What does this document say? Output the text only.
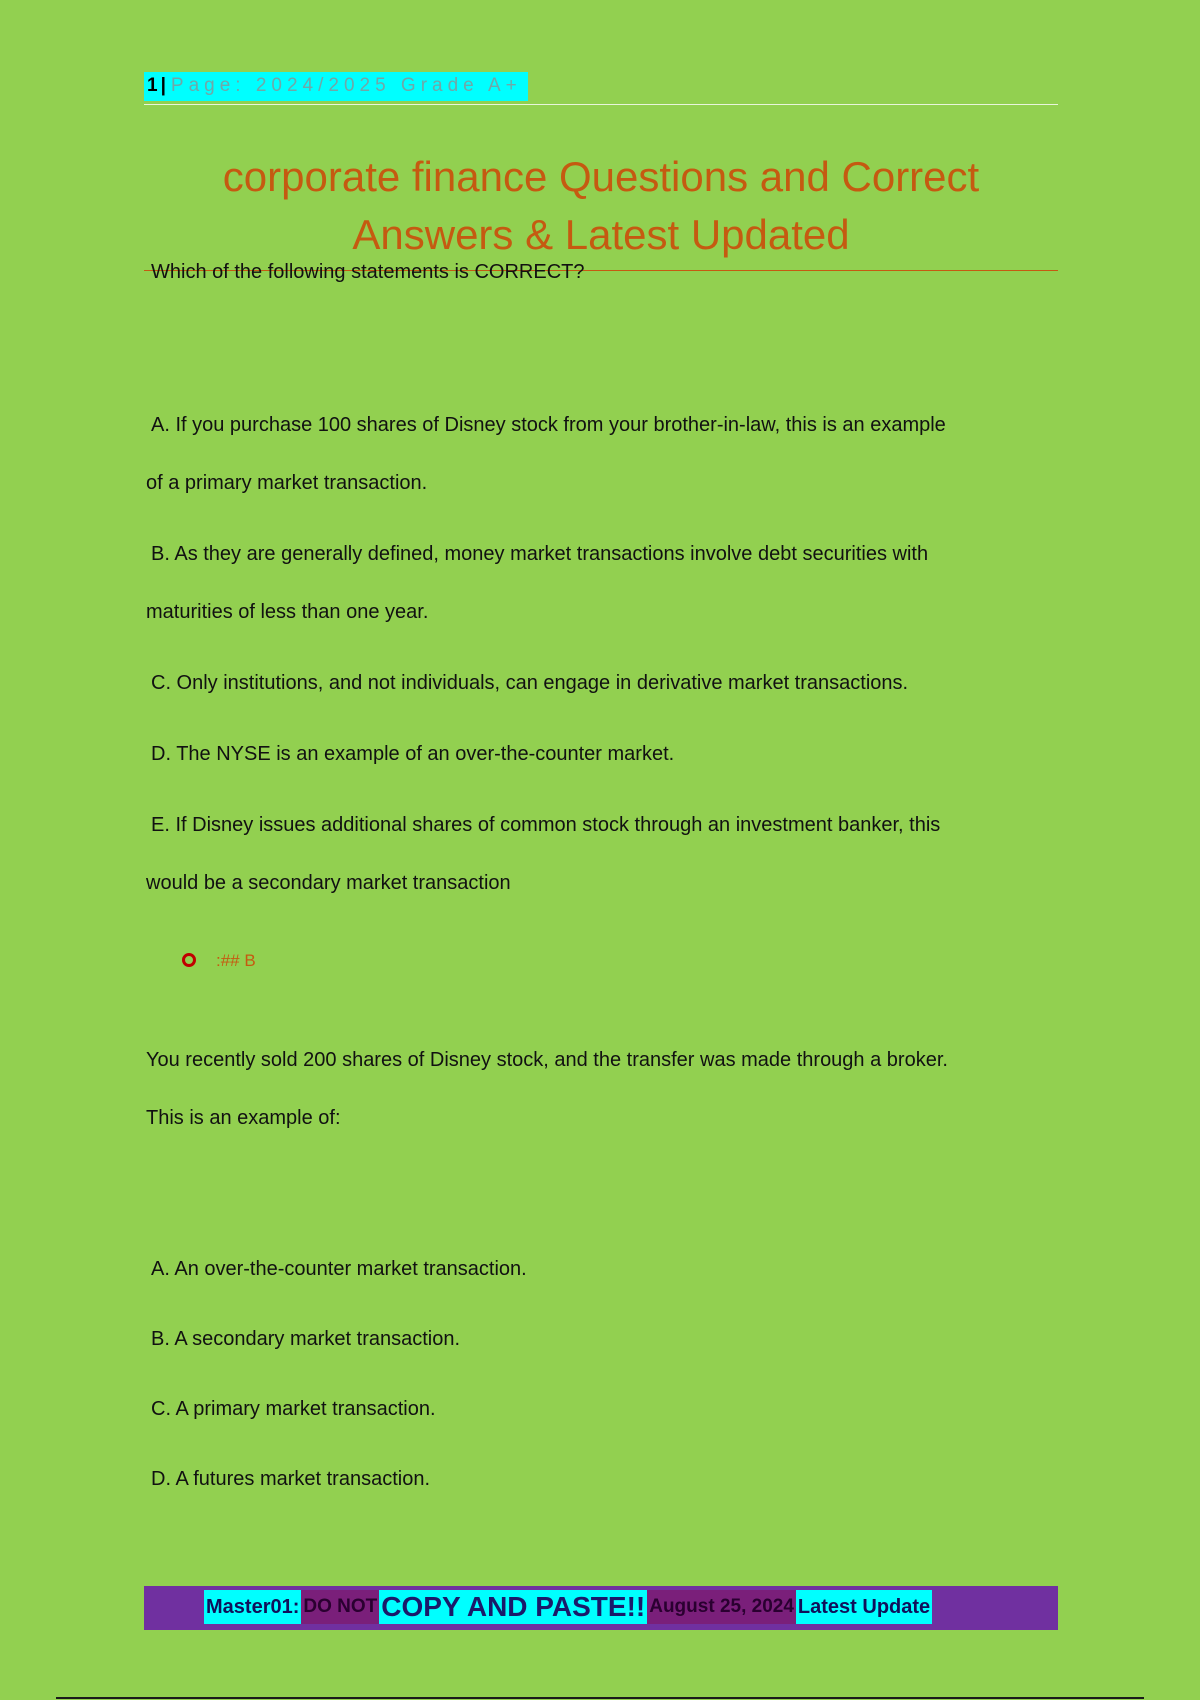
1 | Page: 2024/2025 Grade A+
corporate finance Questions and Correct
Answers & Latest Updated

Which of the following statements is CORRECT?

A. If you purchase 100 shares of Disney stock from your brother-in-law, this is an example

of a primary market transaction.

B. As they are generally defined, money market transactions involve debt securities with

maturities of less than one year.

C. Only institutions, and not individuals, can engage in derivative market transactions.

D. The NYSE is an example of an over-the-counter market.

E. If Disney issues additional shares of common stock through an investment banker, this

would be a secondary market transaction

:## B

You recently sold 200 shares of Disney stock, and the transfer was made through a broker.

This is an example of:

A. An over-the-counter market transaction.

B. A secondary market transaction.

C. A primary market transaction.

D. A futures market transaction.

Master01: DO NOT COPY AND PASTE!! August 25, 2024 Latest Update
